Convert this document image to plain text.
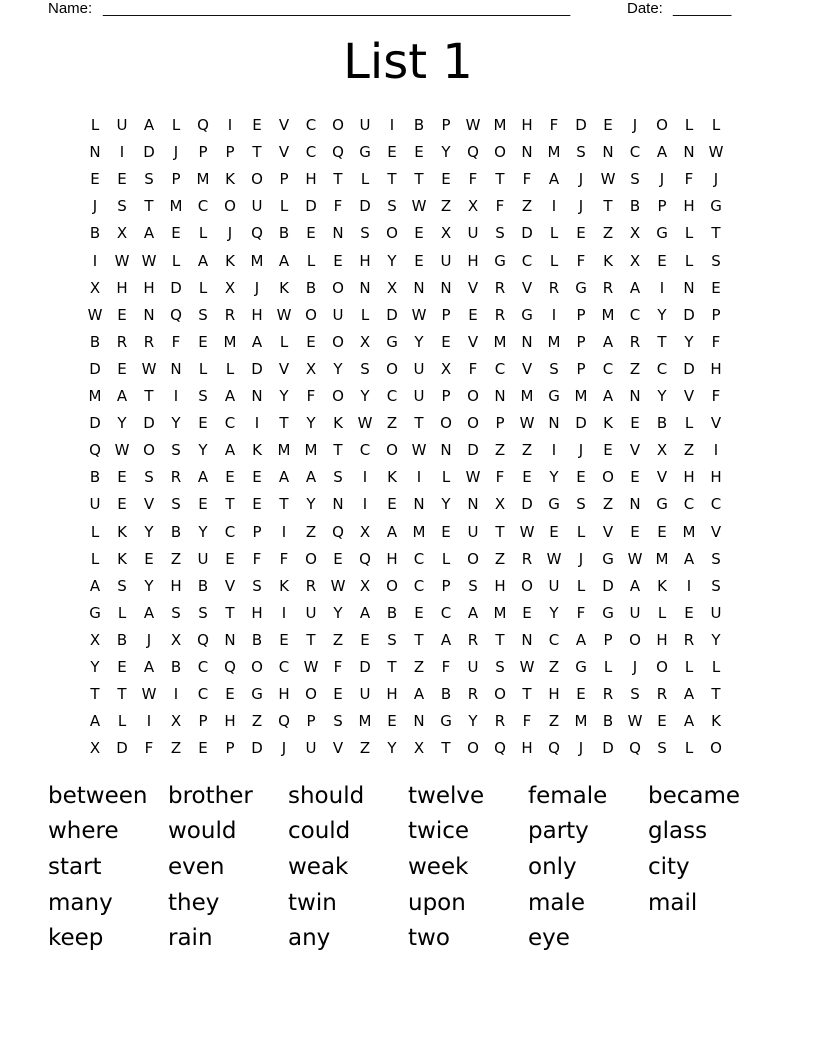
Name: ________________________________________________________	Date: _______
List 1
L	U	A	L	Q	I	E	V	C	O	U	I	B	P	W M H	F	D	E	J	O	L	L
N	I	D	J	P	P	T	V	C	Q	G	E	E	Y	Q	O	N M	S	N	C	A	N W
E	E	S	P	M	K	O	P	H	T	L	T	T	E	F	T	F	A	J	W S	J	F	J
J	S	T	M	C	O	U	L	D	F	D	S W Z	X	F	Z	I	J	T	B	P	H	G
B	X	A	E	L	J	Q	B	E	N	S	O	E	X	U	S	D	L	E	Z	X	G	L	T
I	W W	L	A	K	M	A	L	E	H	Y	E	U	H	G	C	L	F	K	X	E	L	S
X	H	H	D	L	X	J	K	B	O	N	X	N	N	V	R	V	R	G	R	A	I	N	E
W E	N	Q	S	R	H W O	U	L	D W	P	E	R	G	I	P	M	C	Y	D	P
B	R	R	F	E	M	A	L	E	O	X	G	Y	E	V	M N M	P	A	R	T	Y	F
D	E W N	L	L	D	V	X	Y	S	O	U	X	F	C	V	S	P	C	Z	C	D	H
M	A	T	I	S	A	N	Y	F	O	Y	C	U	P	O	N M G M	A	N	Y	V	F
D	Y	D	Y	E	C	I	T	Y	K W Z	T	O	O	P	W N	D	K	E	B	L	V
Q W O	S	Y	A	K	M M	T	C	O W N	D	Z	Z	I	J	E	V	X	Z	I
B	E	S	R	A	E	E	A	A	S	I	K	I	L	W	F	E	Y	E	O	E	V	H	H
U	E	V	S	E	T	E	T	Y	N	I	E	N	Y	N	X	D	G	S	Z	N	G	C	C
L	K	Y	B	Y	C	P	I	Z	Q	X	A	M	E	U	T	W E	L	V	E	E	M	V
L	K	E	Z	U	E	F	F	O	E	Q	H	C	L	O	Z	R W	J	G W M	A	S
A	S	Y	H	B	V	S	K	R W X	O	C	P	S	H	O	U	L	D	A	K	I	S
G	L	A	S	S	T	H	I	U	Y	A	B	E	C	A	M	E	Y	F	G	U	L	E	U
X	B	J	X	Q	N	B	E	T	Z	E	S	T	A	R	T	N	C	A	P	O	H	R	Y
Y	E	A	B	C	Q	O	C W	F	D	T	Z	F	U	S W Z	G	L	J	O	L	L
T	T	W	I	C	E	G	H	O	E	U	H	A	B	R	O	T	H	E	R	S	R	A	T
A	L	I	X	P	H	Z	Q	P	S	M	E	N	G	Y	R	F	Z	M	B W E	A	K
X	D	F	Z	E	P	D	J	U	V	Z	Y	X	T	O	Q	H	Q	J	D	Q	S	L	O
between brother should twelve female became
where would could	twice	party	glass
start	even	weak	week	only	city
many they	twin	upon	male	mail
keep	rain	any	two	eye
